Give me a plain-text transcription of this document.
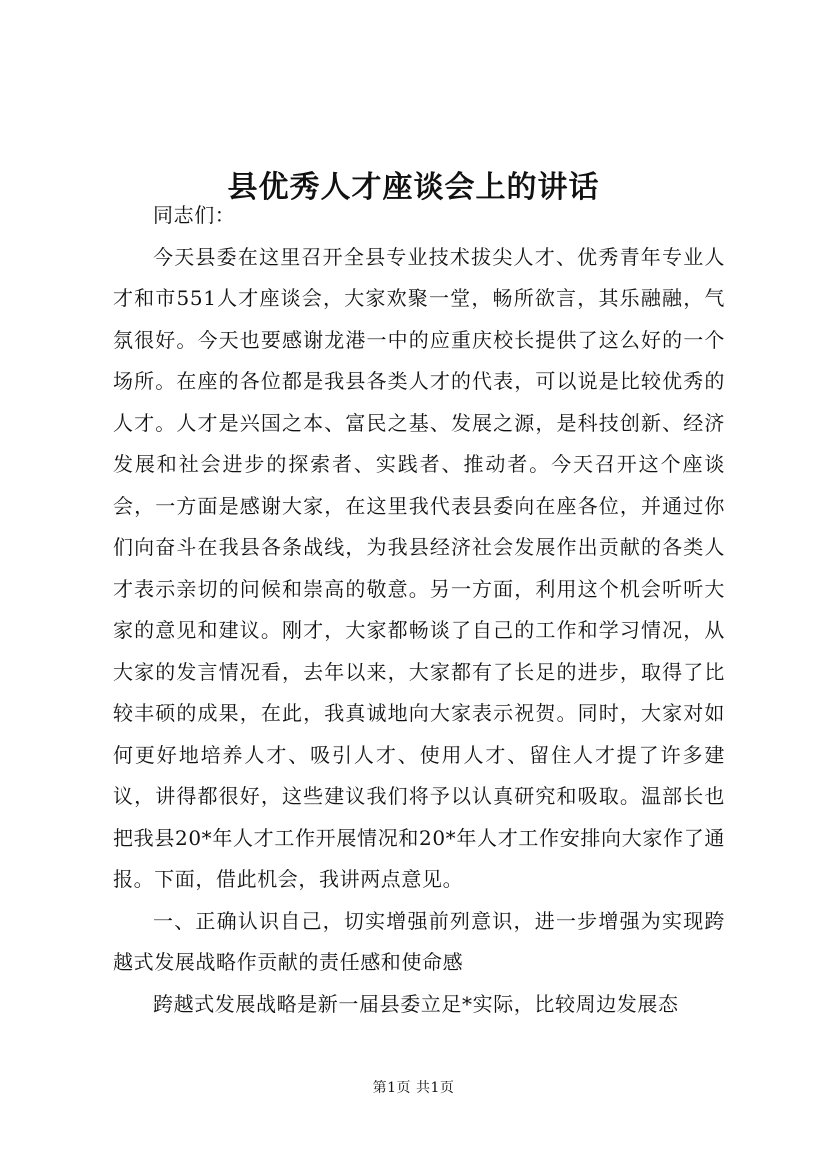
县优秀人才座谈会上的讲话

同志们：

今天县委在这里召开全县专业技术拔尖人才、优秀青年专业人才和市551人才座谈会，大家欢聚一堂，畅所欲言，其乐融融，气氛很好。今天也要感谢龙港一中的应重庆校长提供了这么好的一个场所。在座的各位都是我县各类人才的代表，可以说是比较优秀的人才。人才是兴国之本、富民之基、发展之源，是科技创新、经济发展和社会进步的探索者、实践者、推动者。今天召开这个座谈会，一方面是感谢大家，在这里我代表县委向在座各位，并通过你们向奋斗在我县各条战线，为我县经济社会发展作出贡献的各类人才表示亲切的问候和崇高的敬意。另一方面，利用这个机会听听大家的意见和建议。刚才，大家都畅谈了自己的工作和学习情况，从大家的发言情况看，去年以来，大家都有了长足的进步，取得了比较丰硕的成果，在此，我真诚地向大家表示祝贺。同时，大家对如何更好地培养人才、吸引人才、使用人才、留住人才提了许多建议，讲得都很好，这些建议我们将予以认真研究和吸取。温部长也把我县20*年人才工作开展情况和20*年人才工作安排向大家作了通报。下面，借此机会，我讲两点意见。

一、正确认识自己，切实增强前列意识，进一步增强为实现跨越式发展战略作贡献的责任感和使命感

跨越式发展战略是新一届县委立足*实际，比较周边发展态

第1页 共1页
